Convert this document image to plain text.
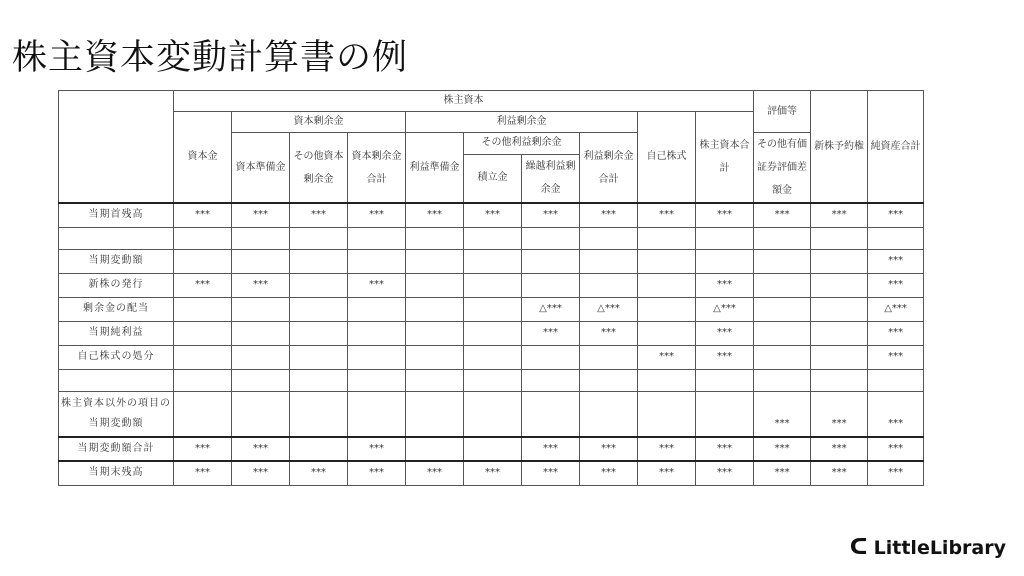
株主資本変動計算書の例
	株主資本										評価等	新株予約権	純資産合計
	資本金	資本剰余金			利益剰余金				自己株式	株主資本合計			
		資本準備金	その他資本剰余金	資本剰余金合計	利益準備金	その他利益剰余金		利益剰余金合計			その他有価証券評価差額金		
						積立金	繰越利益剰余金						
当期首残高	***	***	***	***	***	***	***	***	***	***	***	***	***

当期変動額													***
新株の発行	***	***		***						***			***
剰余金の配当							△***	△***		△***			△***
当期純利益							***	***		***			***
自己株式の処分									***	***			***

株主資本以外の項目の当期変動額											***	***	***
当期変動額合計	***	***		***			***	***	***	***	***	***	***
当期末残高	***	***	***	***	***	***	***	***	***	***	***	***	***
ᑕ LittleLibrary
